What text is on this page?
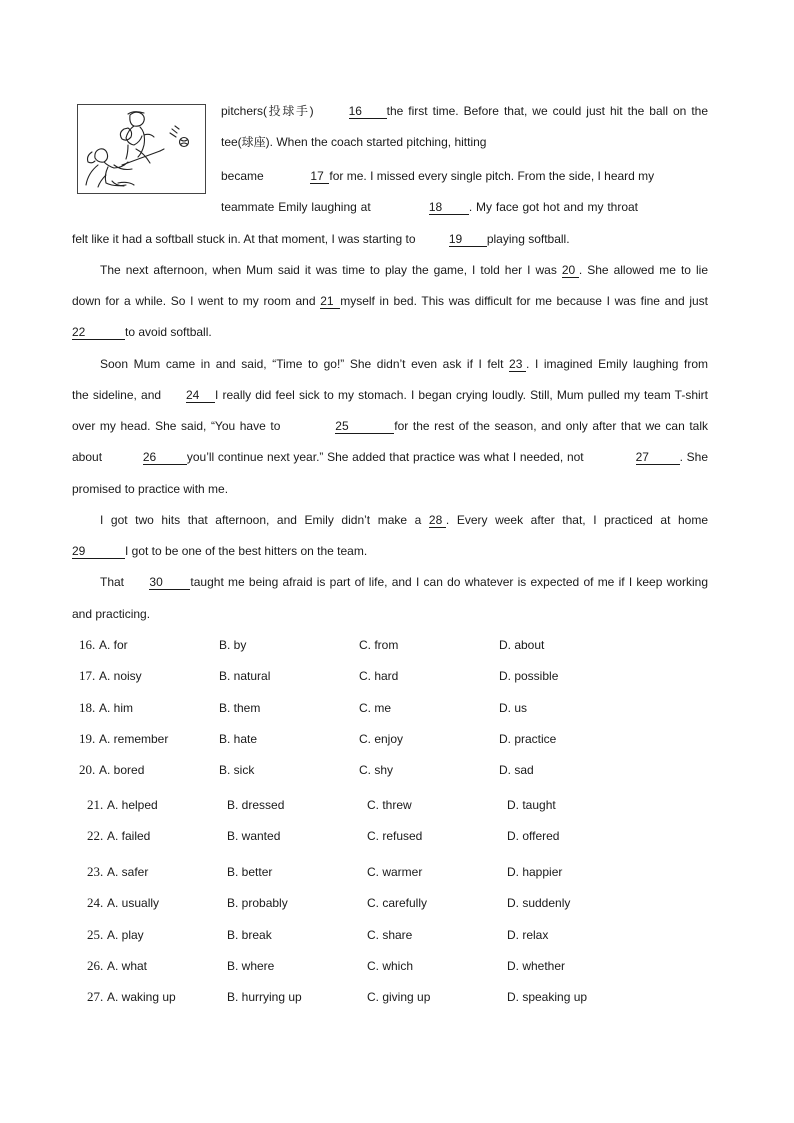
pitchers(投球手)	16 the first time. Before that, we could just hit the ball on the
tee(球座). When the coach started pitching, hitting
became	17 for me. I missed every single pitch. From the side, I heard my
teammate Emily laughing at	18 . My face got hot and my throat
felt like it had a softball stuck in. At that moment, I was starting to	19 playing softball.
The next afternoon, when Mum said it was time to play the game, I told her I was 20 . She allowed me to lie
down for a while. So I went to my room and 21 myself in bed. This was difficult for me because I was fine and just
22	to avoid softball.
Soon Mum came in and said, “Time to go!” She didn’t even ask if I felt 23 . I imagined Emily laughing from
the sideline, and 24 I really did feel sick to my stomach. I began crying loudly. Still, Mum pulled my team T-shirt
over my head. She said, “You have to	25	for the rest of the season, and only after that we can talk
about	26	you’ll continue next year.” She added that practice was what I needed, not	27	. She
promised to practice with me.
I got two hits that afternoon, and Emily didn’t make a 28 . Every week after that, I practiced at home
29	I got to be one of the best hitters on the team.
That 30 taught me being afraid is part of life, and I can do whatever is expected of me if I keep working
and practicing.
16. A. for	B. by	C. from	D. about
17. A. noisy	B. natural	C. hard	D. possible
18. A. him	B. them	C. me	D. us
19. A. remember	B. hate	C. enjoy	D. practice
20. A. bored	B. sick	C. shy	D. sad
21. A. helped	B. dressed	C. threw	D. taught
22. A. failed	B. wanted	C. refused	D. offered
23. A. safer	B. better	C. warmer	D. happier
24. A. usually	B. probably	C. carefully	D. suddenly
25. A. play	B. break	C. share	D. relax
26. A. what	B. where	C. which	D. whether
27. A. waking up	B. hurrying up	C. giving up	D. speaking up
